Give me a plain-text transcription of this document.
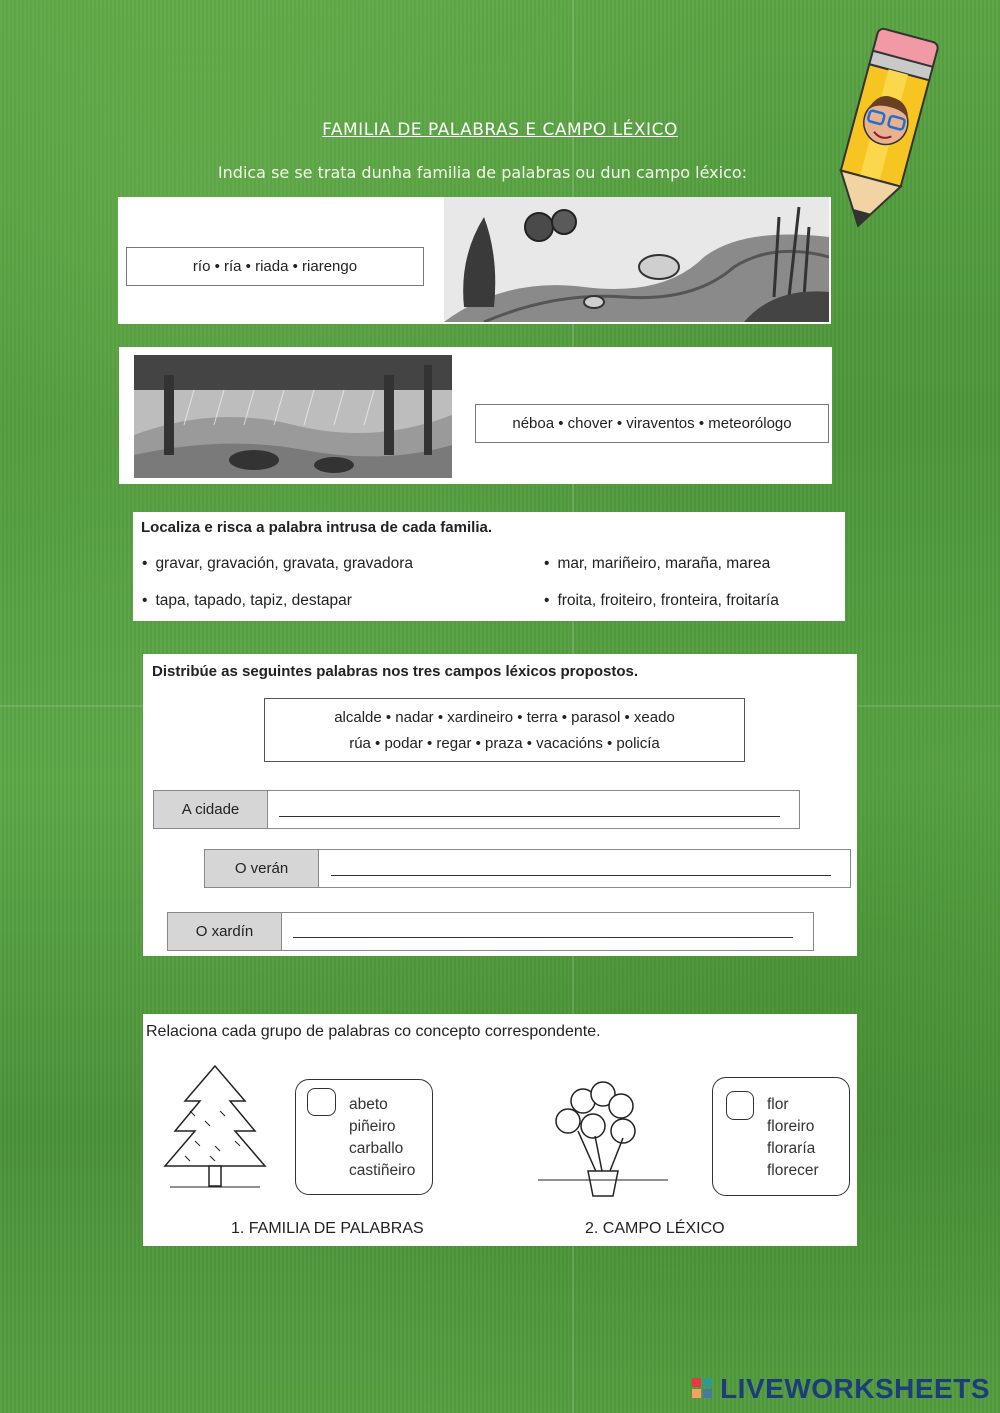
FAMILIA DE PALABRAS E CAMPO LÉXICO
Indica se se trata dunha familia de palabras ou dun campo léxico:
río • ría • riada • riarengo
néboa • chover • viraventos • meteorólogo
Localiza e risca a palabra intrusa de cada familia.
• gravar, gravación, gravata, gravadora	• mar, mariñeiro, maraña, marea
• tapa, tapado, tapiz, destapar	• froita, froiteiro, fronteira, froitaría
Distribúe as seguintes palabras nos tres campos léxicos propostos.
alcalde • nadar • xardineiro • terra • parasol • xeado
rúa • podar • regar • praza • vacacións • policía
A cidade
O verán
O xardín
Relaciona cada grupo de palabras co concepto correspondente.
abeto
piñeiro
carballo
castiñeiro
flor
floreiro
floraría
florecer
1. FAMILIA DE PALABRAS	2. CAMPO LÉXICO
LIVEWORKSHEETS
